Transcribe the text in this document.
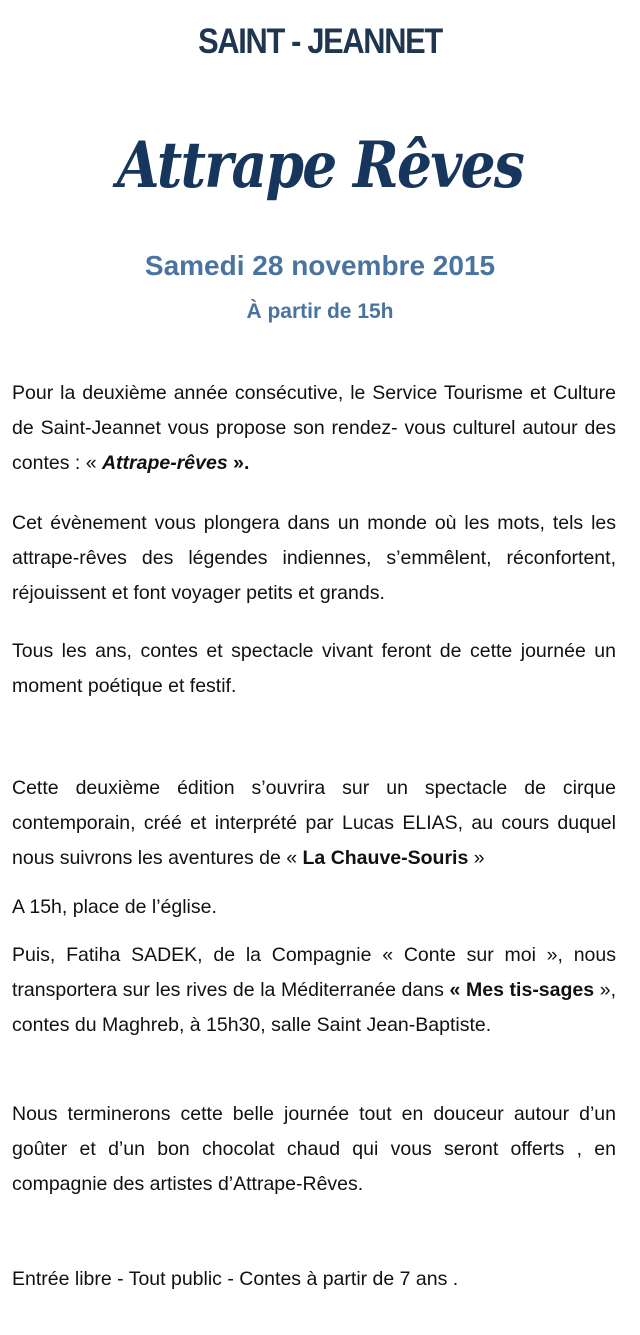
SAINT - JEANNET
Attrape Rêves
Samedi 28 novembre 2015
À partir de 15h
Pour la deuxième année consécutive, le Service Tourisme et Culture de Saint-Jeannet vous propose son rendez- vous culturel autour des contes : « Attrape-rêves ».
Cet évènement vous plongera dans un monde où les mots, tels les attrape-rêves des légendes indiennes, s’emmêlent, réconfortent, réjouissent et font voyager petits et grands.
Tous les ans, contes et spectacle vivant feront de cette journée un moment poétique et festif.
Cette deuxième édition s’ouvrira sur un spectacle de cirque contemporain, créé et interprété par Lucas ELIAS, au cours duquel nous suivrons les aventures de « La Chauve-Souris »
A 15h, place de l’église.
Puis, Fatiha SADEK, de la Compagnie « Conte sur moi », nous transportera sur les rives de la Méditerranée dans « Mes tis-sages », contes du Maghreb, à 15h30, salle Saint Jean-Baptiste.
Nous terminerons cette belle journée tout en douceur autour d’un goûter et d’un bon chocolat chaud qui vous seront offerts , en compagnie des artistes d’Attrape-Rêves.
Entrée libre - Tout public - Contes à partir de 7 ans .
